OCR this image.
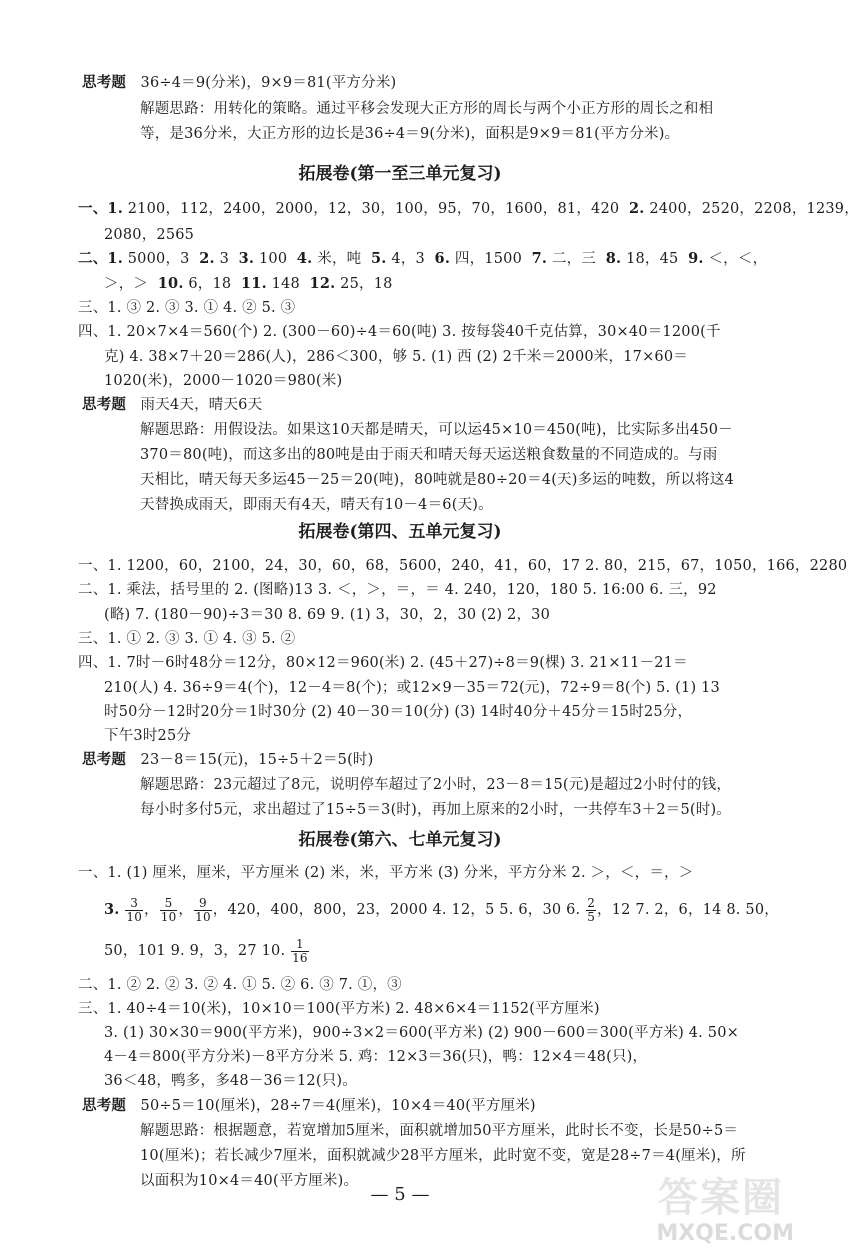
思考题 36÷4＝9(分米)，9×9＝81(平方分米)
解题思路：用转化的策略。通过平移会发现大正方形的周长与两个小正方形的周长之和相
等，是36分米，大正方形的边长是36÷4＝9(分米)，面积是9×9＝81(平方分米)。
拓展卷(第一至三单元复习)
一、1. 2100，112，2400，2000，12，30，100，95，70，1600，81，420 2. 2400，2520，2208，1239，
2080，2565
二、1. 5000，3 2. 3 3. 100 4. 米，吨 5. 4，3 6. 四，1500 7. 二，三 8. 18，45 9. ＜，＜，
＞，＞ 10. 6，18 11. 148 12. 25，18
三、1. ③ 2. ③ 3. ① 4. ② 5. ③
四、1. 20×7×4＝560(个) 2. (300－60)÷4＝60(吨) 3. 按每袋40千克估算，30×40＝1200(千
克) 4. 38×7＋20＝286(人)，286＜300，够 5. (1) 西 (2) 2千米＝2000米，17×60＝
1020(米)，2000－1020＝980(米)
思考题 雨天4天，晴天6天
解题思路：用假设法。如果这10天都是晴天，可以运45×10＝450(吨)，比实际多出450－
370＝80(吨)，而这多出的80吨是由于雨天和晴天每天运送粮食数量的不同造成的。与雨
天相比，晴天每天多运45－25＝20(吨)，80吨就是80÷20＝4(天)多运的吨数，所以将这4
天替换成雨天，即雨天有4天，晴天有10－4＝6(天)。
拓展卷(第四、五单元复习)
一、1. 1200，60，2100，24，30，60，68，5600，240，41，60，17 2. 80，215，67，1050，166，2280
二、1. 乘法，括号里的 2. (图略)13 3. ＜，＞，＝，＝ 4. 240，120，180 5. 16:00 6. 三，92
(略) 7. (180－90)÷3＝30 8. 69 9. (1) 3，30，2，30 (2) 2，30
三、1. ① 2. ③ 3. ① 4. ③ 5. ②
四、1. 7时－6时48分＝12分，80×12＝960(米) 2. (45＋27)÷8＝9(棵) 3. 21×11－21＝
210(人) 4. 36÷9＝4(个)，12－4＝8(个)；或12×9－35＝72(元)，72÷9＝8(个) 5. (1) 13
时50分－12时20分＝1时30分 (2) 40－30＝10(分) (3) 14时40分＋45分＝15时25分，
下午3时25分
思考题 23－8＝15(元)，15÷5＋2＝5(时)
解题思路：23元超过了8元，说明停车超过了2小时，23－8＝15(元)是超过2小时付的钱，
每小时多付5元，求出超过了15÷5＝3(时)，再加上原来的2小时，一共停车3＋2＝5(时)。
拓展卷(第六、七单元复习)
一、1. (1) 厘米，厘米，平方厘米 (2) 米，米，平方米 (3) 分米，平方分米 2. ＞，＜，＝，＞
3. $\frac{3}{10}$ ， $\frac{5}{10}$ ， $\frac{9}{10}$ ，420，400，800，23，2000 4. 12，5 5. 6，30 6. $\frac{2}{5}$ ，12 7. 2，6，14 8. 50，
50，101 9. 9，3，27 10. $\frac{1}{16}$
二、1. ② 2. ② 3. ② 4. ① 5. ② 6. ③ 7. ①，③
三、1. 40÷4＝10(米)，10×10＝100(平方米) 2. 48×6×4＝1152(平方厘米)
3. (1) 30×30＝900(平方米)，900÷3×2＝600(平方米) (2) 900－600＝300(平方米) 4. 50×
4－4＝800(平方分米)－8平方分米 5. 鸡：12×3＝36(只)，鸭：12×4＝48(只)，
36＜48，鸭多，多48－36＝12(只)。
思考题 50÷5＝10(厘米)，28÷7＝4(厘米)，10×4＝40(平方厘米)
解题思路：根据题意，若宽增加5厘米，面积就增加50平方厘米，此时长不变，长是50÷5＝
10(厘米)；若长减少7厘米，面积就减少28平方厘米，此时宽不变，宽是28÷7＝4(厘米)，所
以面积为10×4＝40(平方厘米)。
— 5 —	答案圈
MXQE.COM
